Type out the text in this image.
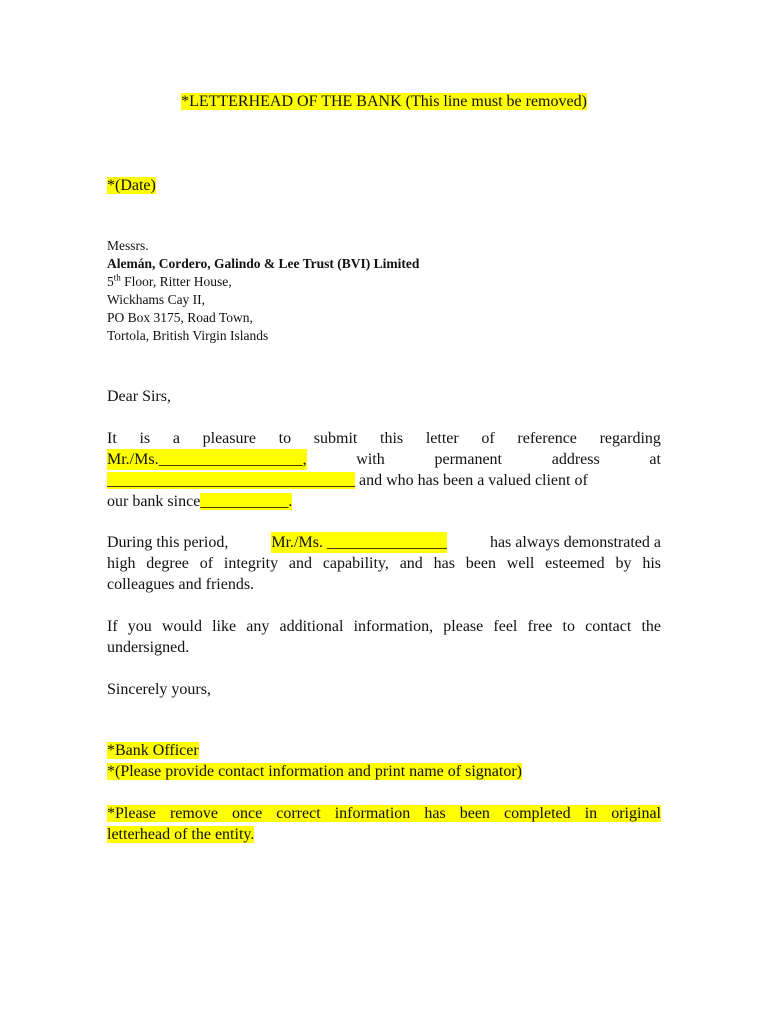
*LETTERHEAD OF THE BANK (This line must be removed)
*(Date)
Messrs.
Alemán, Cordero, Galindo & Lee Trust (BVI) Limited
5th Floor, Ritter House,
Wickhams Cay II,
PO Box 3175, Road Town,
Tortola, British Virgin Islands
Dear Sirs,
It is a pleasure to submit this letter of reference regarding
Mr./Ms.__________________,	with	permanent	address	at
_______________________________ and who has been a valued client of
our bank since___________.
During this period,	Mr./Ms. _______________	has always demonstrated a
high degree of integrity and capability, and has been well esteemed by his
colleagues and friends.
If you would like any additional information, please feel free to contact the
undersigned.
Sincerely yours,
*Bank Officer
*(Please provide contact information and print name of signator)
*Please remove once correct information has been completed in original
letterhead of the entity.
